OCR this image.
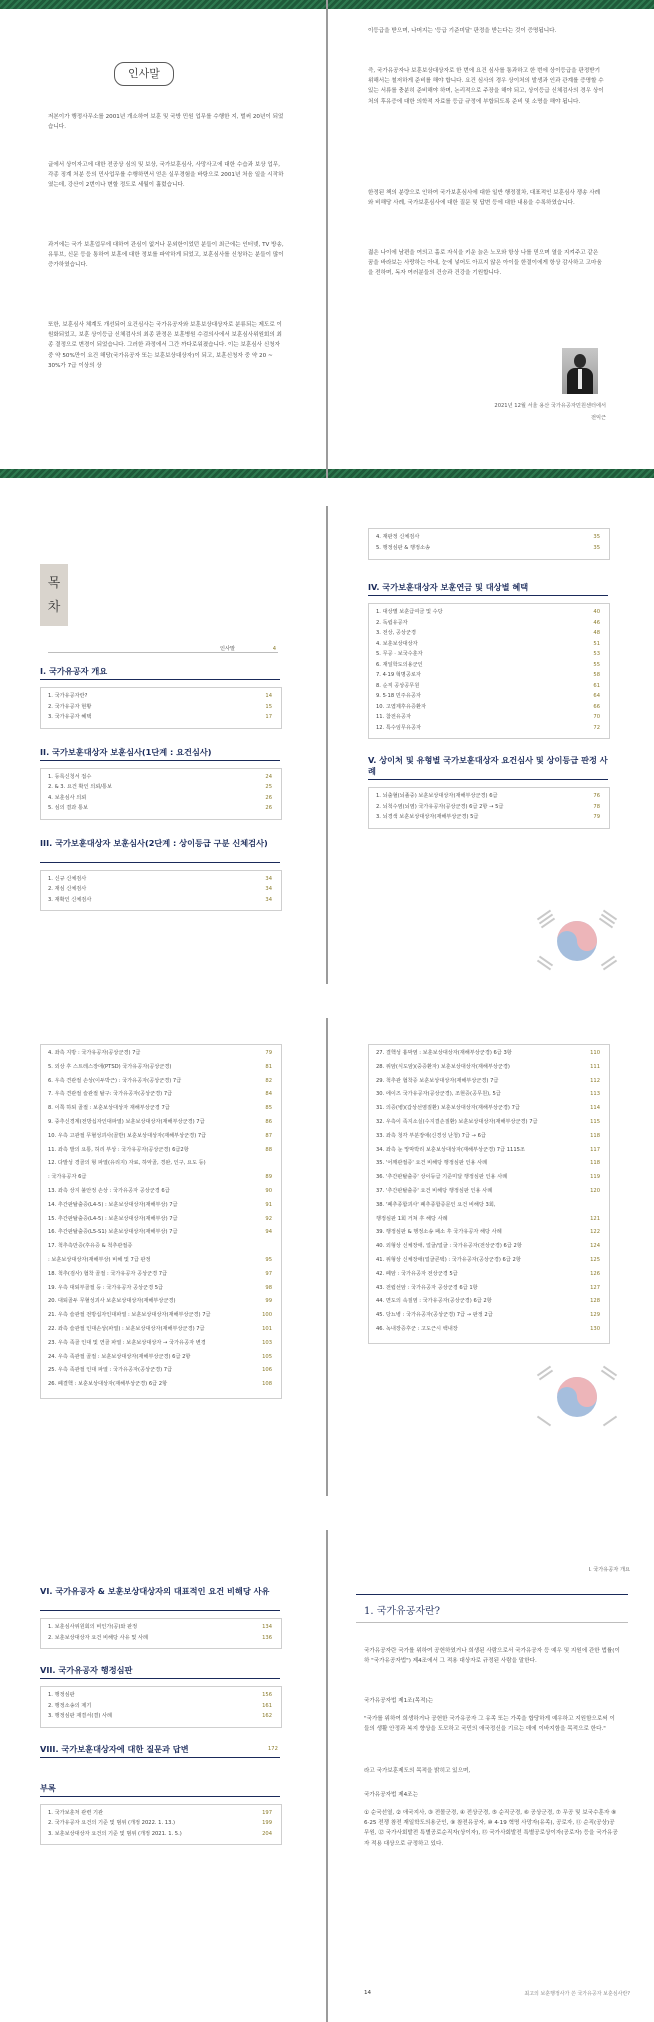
인사말
저본이가 행정사무소를 2001년 개소하여 보훈 및 국방 민원 업무를 수행한 지, 벌써 20년이 되었습니다.
글에서 상이자고에 대한 전공상 심의 및 보상, 국가보훈심사, 사망사고에 대한 수습과 보상 업무, 각종 징계 처분 등의 민사업무를 수행하면서 얻은 실무경험을 바탕으로 2001년 처음 일을 시작하였는데, 강산이 2번이나 변할 정도로 세월이 흘렀습니다.
과거에는 국가 보훈업무에 대하여 관심이 없거나 문외한이었던 분들이 최근에는 인터넷, TV 방송, 유튜브, 신문 등을 통하여 보훈에 대한 정보를 파악하게 되었고, 보훈심사를 신청하는 분들이 많이 증가하였습니다.
또한, 보훈심사 체계도 개선되어 요건심사는 국가유공자와 보훈보상대상자로 분류되는 제도로 이원화되었고, 보훈 상이등급 신체검사의 최종 판정은 보훈병원 수검의사에서 보훈심사위원회의 최종 결정으로 변경이 되었습니다. 그러한 과정에서 그간 까다로워졌습니다. 이는 보훈심사 신청자 중 약 50%만이 요건 해당(국가유공자 또는 보훈보상대상자)이 되고, 보훈신청자 중 약 20 ~ 30%가 7급 이상의 상
이등급을 받으며, 나머지는 '등급 기준미달' 판정을 받는다는 것이 증명됩니다.
즉, 국가유공자나 보훈보상대상자로 한 번에 요건 심사를 통과하고 한 번에 상이등급을 판정받기 위해서는 철저하게 준비를 해야 합니다. 요건 심사의 경우 상이처의 발생과 인과 관계를 증명할 수 있는 서류를 충분히 준비해야 하며, 논리적으로 주장을 해야 되고, 상이등급 신체검사의 경우 상이처의 후유증에 대한 의학적 자료를 등급 규정에 부합되도록 준비 및 소명을 해야 됩니다.
한정된 책의 분량으로 인하여 국가보훈심사에 대한 일반 행정절차, 대표적인 보훈심사 쟁송 사례와 비해당 사례, 국가보훈심사에 대한 질문 및 답변 등에 대한 내용을 수록하였습니다.
젊은 나이에 남편을 여의고 홀로 자식을 키운 늙은 노모와 항상 나를 믿으며 열을 지켜주고 같은 꿈을 바라보는 사랑하는 아내, 눈에 넣어도 아프지 않은 아이들 한결이에게 항상 감사하고 고마움을 전하며, 독자 여러분들의 건승과 건강을 기원합니다.
2021년 12월 서울 용산 국가유공자민원센터에서
전익근
목
차
인사말	4
I. 국가유공자 개요
1. 국가유공자란?	14
2. 국가유공자 현황	15
3. 국가유공자 혜택	17
II. 국가보훈대상자 보훈심사(1단계 : 요건심사)
1. 등록신청서 접수	24
2. & 3. 요건 확인 의뢰/통보	25
4. 보훈심사 의뢰	26
5. 심의 결과 통보	26
III. 국가보훈대상자 보훈심사(2단계 : 상이등급 구분 신체검사)
1. 신규 신체검사	34
2. 재심 신체검사	34
3. 재확인 신체검사	34
4. 재판정 신체검사	35
5. 행정심판 & 행정소송	35
IV. 국가보훈대상자 보훈연금 및 대상별 혜택
1. 대상별 보훈급여금 및 수당	40
2. 독립유공자	46
3. 전상, 공상군경	48
4. 보훈보상대상자	51
5. 무공 · 보국수훈자	53
6. 재일학도의용군인	55
7. 4·19 혁명공로자	58
8. 순직 공상공무원	61
9. 5·18 민주유공자	64
10. 고엽제후유증환자	66
11. 참전유공자	70
12. 특수임무유공자	72
V. 상이처 및 유형별 국가보훈대상자 요건심사 및 상이등급 판정 사례
1. 뇌출혈(뇌졸중) 보훈보상대상자(재해부상군경) 6급	76
2. 뇌척수염(뇌염) 국가유공자(공상군경) 6급 2항 → 5급	78
3. 뇌경색 보훈보상대상자(재해부상군경) 5급	79
4. 좌측 지방 : 국가유공자(공상군경) 7급	79
5. 외상 후 스트레스장애(PTSD) 국가유공자(공상군경)	81
6. 우측 견관절 손상(이두박근) : 국가유공자(공상군경) 7급	82
7. 우측 견관절 슬관절 탈구: 국가유공자(공상군경) 7급	84
8. 이쪽 하퇴 골절 : 보훈보상대상자 재해부상군경 7급	85
9. 중추신경계(전방십자인대파열) 보훈보상대상자(재해부상군경) 7급	86
10. 우측 고관절 무혈성괴사(골반) 보훈보상대상자(재해부상군경) 7급	87
11. 좌측 발의 요통, 허리 부상 : 국가유공자(공상군경) 6급2항	88
12. 다발성 경골의 형 파열(유리지) 자료, 하악골, 경완, 인구, 요도 등)
: 국가유공자 6급	89
13. 좌측 상지 불안정 손상 : 국가유공자 공상군경 6급	90
14. 추간판탈출증(L4-5) : 보훈보상대상자(재해부상) 7급	91
15. 추간판탈출증(L4-5) : 보훈보상대상자(재해부상) 7급	92
16. 추간판탈출증(L5-S1) 보훈보상대상자(재해부상) 7급	94
17. 척추측만증(후유증 & 척추관절증
: 보훈보상대상자(재해부상) 비해 및 7급 판정	95
18. 척추(검사) 협착 골절 : 국가유공자 공상군경 7급	97
19. 우측 대퇴부골절 등 : 국가유공자 공상군경 5급	98
20. 대퇴골두 무혈성괴사 보훈보상대상자(재해부상군경)	99
21. 우측 슬관절 전방십자인대파열 : 보훈보상대상자(재해부상군경) 7급	100
22. 좌측 슬관절 인대손상(파열) : 보훈보상대상자(재해부상군경) 7급	101
23. 우측 족골 인대 및 연골 파열 : 보훈보상대상자 → 국가유공자 변경	103
24. 우측 족관절 골절 : 보훈보상대상자(재해부상군경) 6급 2항	105
25. 우측 족관절 인대 파열 : 국가유공자(공상군경) 7급	106
26. 폐결핵 : 보훈보상대상자(재해부상군경) 6급 2항	108
27. 결핵성 흉막염 : 보훈보상대상자(재해부상군경) 6급 3항	110
28. 위암(식도암)(중증환자) 보훈보상대상자(재해부상군경)	111
29. 척추관 협착증 보훈보상대상자(재해부상군경) 7급	112
30. 에이즈 국가유공자(공상군경), 조현증(공무원), 5급	113
31. 의증(병)(갑상선염질환) 보훈보상대상자(재해부상군경) 7급	114
32. 우측이 족지소실(수지결손질환) 보훈보상대상자(재해부상군경) 7급	115
33. 좌측 청각 부분장애(신경성 난청) 7급 → 6급	118
34. 좌측 눈 망막박리 보훈보상대상자(재해부상군경) 7급 1115조	117
35. '어깨관절증' 요건 비해당 행정심판 인용 사례	118
36. '추간판탈출증' 상이등급 기준미달 행정심판 인용 사례	119
37. '추간판탈출증' 요건 비해당 행정심판 인용 사례	120
38. '폐추종합괴사' 폐추종합증문인 요건 비해당 3회,
행정심판 1회 거쳐 후 해당 사례	121
39. 행정심판 & 행정소송 패소 후 국가유공자 해당 사례	122
40. 외형상 신체장애, 얼굴/얼굴 : 국가유공자(전상군경) 6급 2항	124
41. 위형상 신체장애(얼굴콘텍) : 국가유공자(공상군경) 6급 2항	125
42. 폐암 : 국가유공자 전상군경 5급	126
43. 전립선암 : 국가유공자 공상군경 6급 1항	127
44. 면도의 속질염 : 국가유공자(공상군경) 6급 2항	128
45. 당뇨병 : 국가유공자(공상군경) 7급 → 판정 2급	129
46. 녹내장증후군 : 고도근시 백내장	130
VI. 국가유공자 & 보훈보상대상자의 대표적인 요건 비해당 사유
1. 보훈심사위원회의 비인가(공)와 판정	134
2. 보훈보상대상자 요건 비해당 사유 및 사례	136
VII. 국가유공자 행정심판
1. 행정심판	156
2. 행정소송의 제기	161
3. 행정심판 재결서(결) 사례	162
VIII. 국가보훈대상자에 대한 질문과 답변	172
부록
1. 국가보훈처 관련 기관	197
2. 국가유공자 요건의 기준 및 범위 (개정 2022. 1. 13.)	199
3. 보훈보상대상자 요건의 기준 및 범위 (개정 2021. 1. 5.)	204
I. 국가유공자 개요
1. 국가유공자란?
국가유공자란 국가를 위하여 공헌하였거나 희생된 사람으로서 국가유공자 등 예우 및 지원에 관한 법률(이하 "국가유공자법") 제4조에서 그 적용 대상자로 규정된 사람을 말한다.
국가유공자법 제1조(목적)는
"국가를 위하여 희생하거나 공헌한 국가유공자 그 유족 또는 가족을 합당하게 예우하고 지원함으로써 이들의 생활 안정과 복지 향상을 도모하고 국민의 애국정신을 기르는 데에 이바지함을 목적으로 한다."
라고 국가보훈제도의 목적을 밝히고 있으며,
국가유공자법 제4조는
① 순국선열, ② 애국지사, ③ 전몰군경, ④ 전상군경, ⑤ 순직군경, ⑥ 공상군경, ⑦ 무공 및 보국수훈자 ⑧ 6·25 전쟁 참전 재일학도의용군인, ⑨ 참전유공자, ⑩ 4·19 혁명 사망자(유족), 공로자, ⑪ 순직(공상)공무원, ⑫ 국가사회발전 특별공로순직자(상이자), ⑬ 국가사회발전 특별공로상이자(공로자) 등을 국가유공자 적용 대상으로 규정하고 있다.
14	최고의 보훈행정사가 쓴 국가유공자 보훈심사란?
